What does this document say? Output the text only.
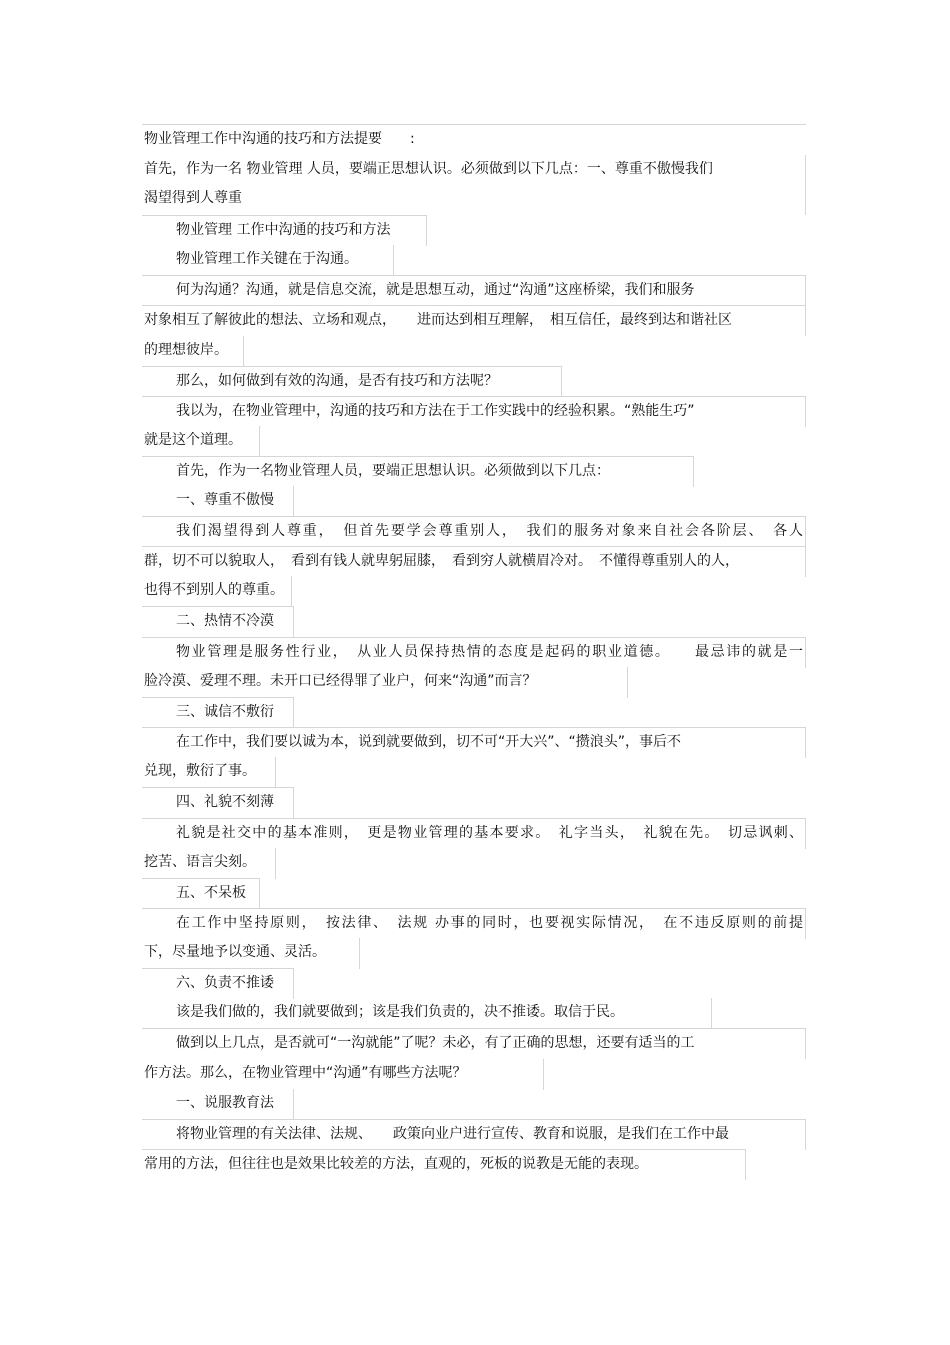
物业管理工作中沟通的技巧和方法提要　　:
首先，作为一名 物业管理 人员，要端正思想认识。必须做到以下几点：一、尊重不傲慢我们
渴望得到人尊重
物业管理 工作中沟通的技巧和方法
物业管理工作关键在于沟通。
何为沟通？沟通，就是信息交流，就是思想互动，通过“沟通”这座桥梁，我们和服务
对象相互了解彼此的想法、立场和观点，　　进而达到相互理解，　相互信任，最终到达和谐社区
的理想彼岸。
那么，如何做到有效的沟通，是否有技巧和方法呢？
我以为，在物业管理中，沟通的技巧和方法在于工作实践中的经验积累。“熟能生巧”
就是这个道理。
首先，作为一名物业管理人员，要端正思想认识。必须做到以下几点：
一、尊重不傲慢
我们渴望得到人尊重，　但首先要学会尊重别人，　我们的服务对象来自社会各阶层、　各人
群，切不可以貌取人，　看到有钱人就卑躬屈膝，　看到穷人就横眉冷对。　不懂得尊重别人的人，
也得不到别人的尊重。
二、热情不冷漠
物业管理是服务性行业，　从业人员保持热情的态度是起码的职业道德。　　最忌讳的就是一
脸冷漠、爱理不理。未开口已经得罪了业户，何来“沟通”而言？
三、诚信不敷衍
在工作中，我们要以诚为本，说到就要做到，切不可“开大兴”、“攒浪头”，事后不
兑现，敷衍了事。
四、礼貌不刻薄
礼貌是社交中的基本准则，　更是物业管理的基本要求。　礼字当头，　礼貌在先。　切忌讽刺、
挖苦、语言尖刻。
五、不呆板
在工作中坚持原则，　按法律、　法规 办事的同时，也要视实际情况，　在不违反原则的前提
下，尽量地予以变通、灵活。
六、负责不推诿
该是我们做的，我们就要做到；该是我们负责的，决不推诿。取信于民。
做到以上几点，是否就可“一沟就能”了呢？未必，有了正确的思想，还要有适当的工
作方法。那么，在物业管理中“沟通”有哪些方法呢？
一、说服教育法
将物业管理的有关法律、法规、　　政策向业户进行宣传、教育和说服，是我们在工作中最
常用的方法，但往往也是效果比较差的方法，直观的，死板的说教是无能的表现。
